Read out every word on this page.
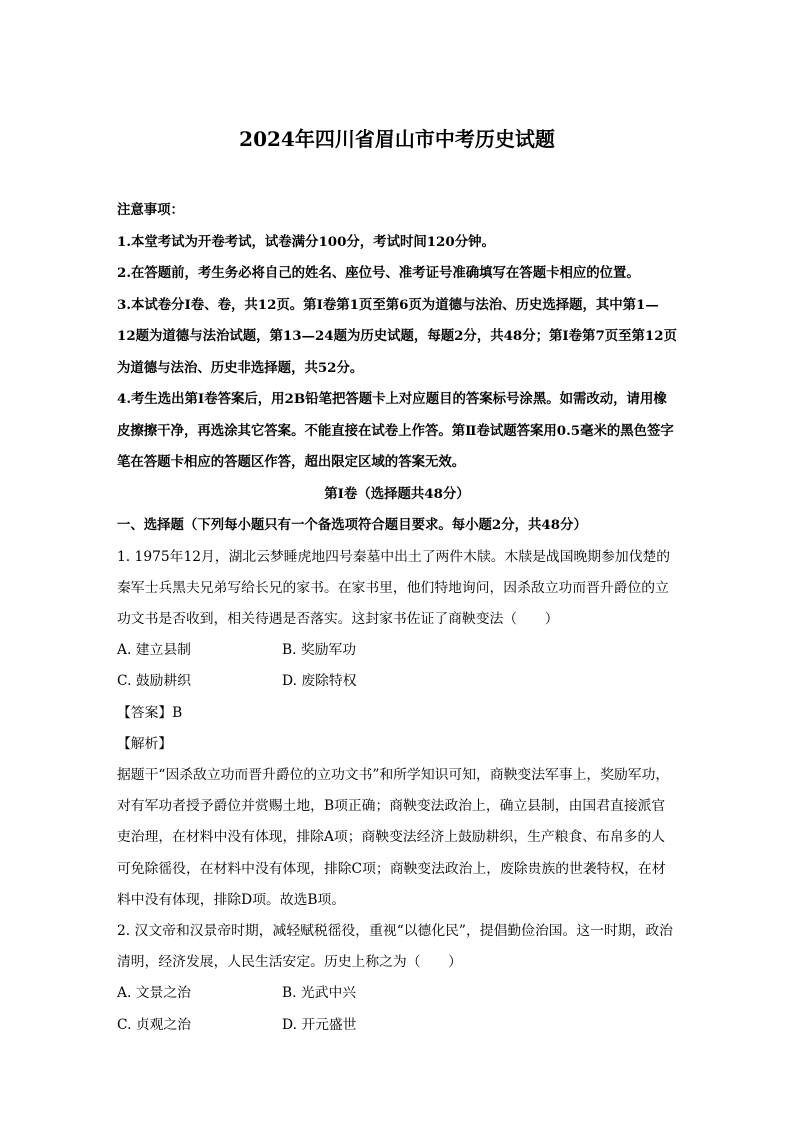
2024年四川省眉山市中考历史试题

注意事项：

1.本堂考试为开卷考试，试卷满分100分，考试时间120分钟。

2.在答题前，考生务必将自己的姓名、座位号、准考证号准确填写在答题卡相应的位置。

3.本试卷分I卷、卷，共12页。第I卷第1页至第6页为道德与法治、历史选择题，其中第1—12题为道德与法治试题，第13—24题为历史试题，每题2分，共48分；第I卷第7页至第12页为道德与法治、历史非选择题，共52分。

4.考生选出第I卷答案后，用2B铅笔把答题卡上对应题目的答案标号涂黑。如需改动，请用橡皮擦擦干净，再选涂其它答案。不能直接在试卷上作答。第Ⅱ卷试题答案用0.5毫米的黑色签字笔在答题卡相应的答题区作答，超出限定区域的答案无效。

第I卷（选择题共48分）

一、选择题（下列每小题只有一个备选项符合题目要求。每小题2分，共48分）

1. 1975年12月，湖北云梦睡虎地四号秦墓中出土了两件木牍。木牍是战国晚期参加伐楚的秦军士兵黑夫兄弟写给长兄的家书。在家书里，他们特地询问，因杀敌立功而晋升爵位的立功文书是否收到，相关待遇是否落实。这封家书佐证了商鞅变法（　　）

A. 建立县制	B. 奖励军功
C. 鼓励耕织	D. 废除特权

【答案】B

【解析】

据题干“因杀敌立功而晋升爵位的立功文书”和所学知识可知，商鞅变法军事上，奖励军功，对有军功者授予爵位并赏赐土地，B项正确；商鞅变法政治上，确立县制，由国君直接派官吏治理，在材料中没有体现，排除A项；商鞅变法经济上鼓励耕织，生产粮食、布帛多的人可免除徭役，在材料中没有体现，排除C项；商鞅变法政治上，废除贵族的世袭特权，在材料中没有体现，排除D项。故选B项。

2. 汉文帝和汉景帝时期，减轻赋税徭役，重视“以德化民”，提倡勤俭治国。这一时期，政治清明，经济发展，人民生活安定。历史上称之为（　　）

A. 文景之治	B. 光武中兴
C. 贞观之治	D. 开元盛世
